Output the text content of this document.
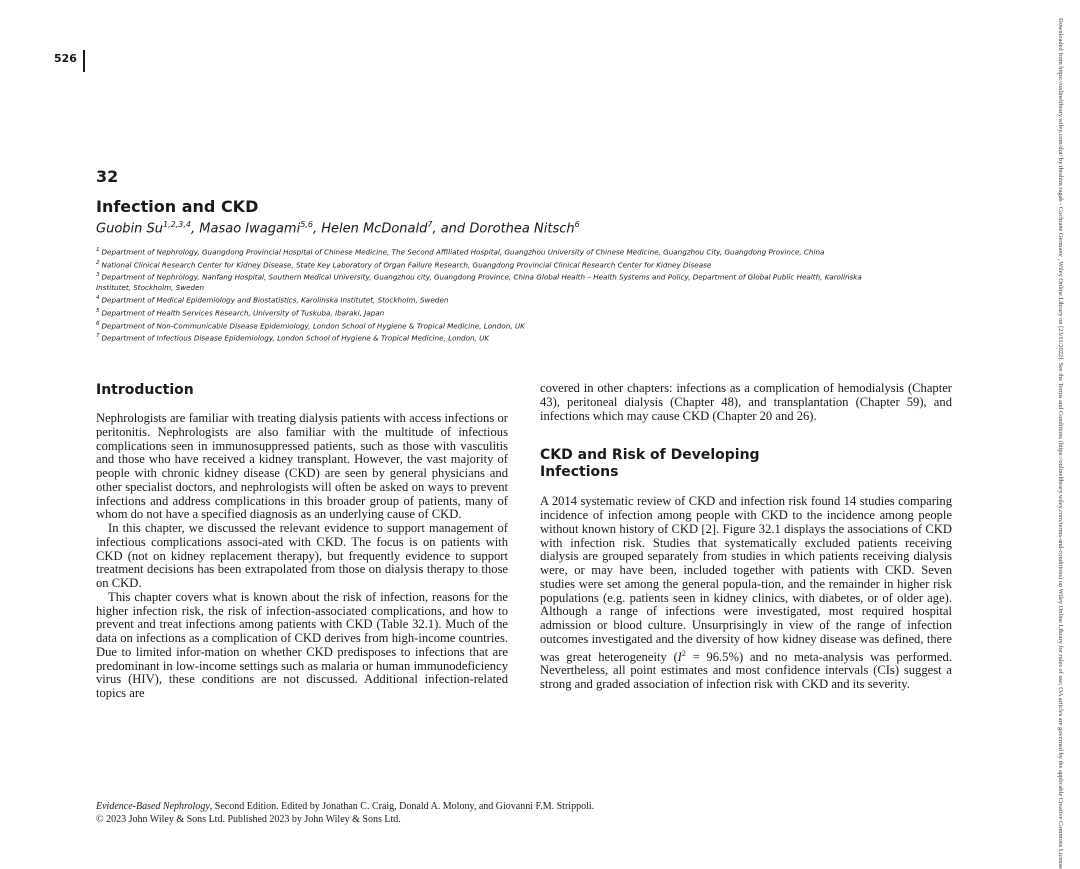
526
32
Infection and CKD
Guobin Su$^{1,2,3,4}$, Masao Iwagami$^{5,6}$, Helen McDonald$^7$, and Dorothea Nitsch$^6$

$^1$ Department of Nephrology, Guangdong Provincial Hospital of Chinese Medicine, The Second Affiliated Hospital, Guangzhou University of Chinese Medicine, Guangzhou City, Guangdong Province, China

$^2$ National Clinical Research Center for Kidney Disease, State Key Laboratory of Organ Failure Research, Guangdong Provincial Clinical Research Center for Kidney Disease

$^3$ Department of Nephrology, Nanfang Hospital, Southern Medical University, Guangzhou city, Guangdong Province, China Global Health – Health Systems and Policy, Department of Global Public Health, Karolinska Institutet, Stockholm, Sweden

$^4$ Department of Medical Epidemiology and Biostatistics, Karolinska Institutet, Stockholm, Sweden

$^5$ Department of Health Services Research, University of Tuskuba, Ibaraki, Japan

$^6$ Department of Non-Communicable Disease Epidemiology, London School of Hygiene & Tropical Medicine, London, UK

$^7$ Department of Infectious Disease Epidemiology, London School of Hygiene & Tropical Medicine, London, UK

Introduction

Nephrologists are familiar with treating dialysis patients with access infections or peritonitis. Nephrologists are also familiar with the multitude of infectious complications seen in immunosuppressed patients, such as those with vasculitis and those who have received a kidney transplant. However, the vast majority of people with chronic kidney disease (CKD) are seen by general physicians and other specialist doctors, and nephrologists will often be asked on ways to prevent infections and address complications in this broader group of patients, many of whom do not have a specified diagnosis as an underlying cause of CKD.

In this chapter, we discussed the relevant evidence to support management of infectious complications associ-ated with CKD. The focus is on patients with CKD (not on kidney replacement therapy), but frequently evidence to support treatment decisions has been extrapolated from those on dialysis therapy to those on CKD.

This chapter covers what is known about the risk of infection, reasons for the higher infection risk, the risk of infection-associated complications, and how to prevent and treat infections among patients with CKD (Table 32.1). Much of the data on infections as a complication of CKD derives from high-income countries. Due to limited infor-mation on whether CKD predisposes to infections that are predominant in low-income settings such as malaria or human immunodeficiency virus (HIV), these conditions are not discussed. Additional infection-related topics are

covered in other chapters: infections as a complication of hemodialysis (Chapter 43), peritoneal dialysis (Chapter 48), and transplantation (Chapter 59), and infections which may cause CKD (Chapter 20 and 26).

CKD and Risk of Developing Infections

A 2014 systematic review of CKD and infection risk found 14 studies comparing incidence of infection among people with CKD to the incidence among people without known history of CKD [2]. Figure 32.1 displays the associations of CKD with infection risk. Studies that systematically excluded patients receiving dialysis are grouped separately from studies in which patients receiving dialysis were, or may have been, included together with patients with CKD. Seven studies were set among the general popula-tion, and the remainder in higher risk populations (e.g. patients seen in kidney clinics, with diabetes, or of older age). Although a range of infections were investigated, most required hospital admission or blood culture. Unsurprisingly in view of the range of infection outcomes investigated and the diversity of how kidney disease was defined, there was great heterogeneity $(I^2 = 96.5\%)$ and no meta-analysis was performed. Nevertheless, all point estimates and most confidence intervals (CIs) suggest a strong and graded association of infection risk with CKD and its severity.

Evidence-Based Nephrology, Second Edition. Edited by Jonathan C. Craig, Donald A. Molony, and Giovanni F.M. Strippoli.
© 2023 John Wiley & Sons Ltd. Published 2023 by John Wiley & Sons Ltd.	Downloaded from https://onlinelibrary.wiley.com/doi/ by ibrahim ragab - Cochrane Germany , Wiley Online Library on [23/11/2022]. See the Terms and Conditions (https://onlinelibrary.wiley.com/terms-and-conditions) on Wiley Online Library for rules of use; OA articles are governed by the applicable Creative Commons License
